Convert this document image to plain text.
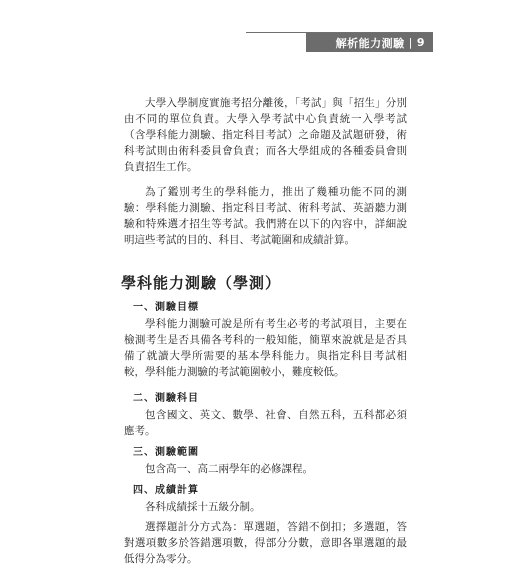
解析能力測驗 | 9

大學入學制度實施考招分離後，「考試」與「招生」分別由不同的單位負責。大學入學考試中心負責統一入學考試（含學科能力測驗、指定科目考試）之命題及試題研發，術科考試則由術科委員會負責；而各大學組成的各種委員會則負責招生工作。

為了鑑別考生的學科能力，推出了幾種功能不同的測驗：學科能力測驗、指定科目考試、術科考試、英語聽力測驗和特殊選才招生等考試。我們將在以下的內容中，詳細說明這些考試的目的、科目、考試範圍和成績計算。

學科能力測驗（學測）
一、測驗目標

學科能力測驗可說是所有考生必考的考試項目，主要在檢測考生是否具備各考科的一般知能，簡單來說就是是否具備了就讀大學所需要的基本學科能力。與指定科目考試相較，學科能力測驗的考試範圍較小，難度較低。

二、測驗科目

包含國文、英文、數學、社會、自然五科，五科都必須應考。

三、測驗範圍

包含高一、高二兩學年的必修課程。

四、成績計算

各科成績採十五級分制。

選擇題計分方式為：單選題，答錯不倒扣；多選題，答對選項數多於答錯選項數，得部分分數，意即各單選題的最低得分為零分。
